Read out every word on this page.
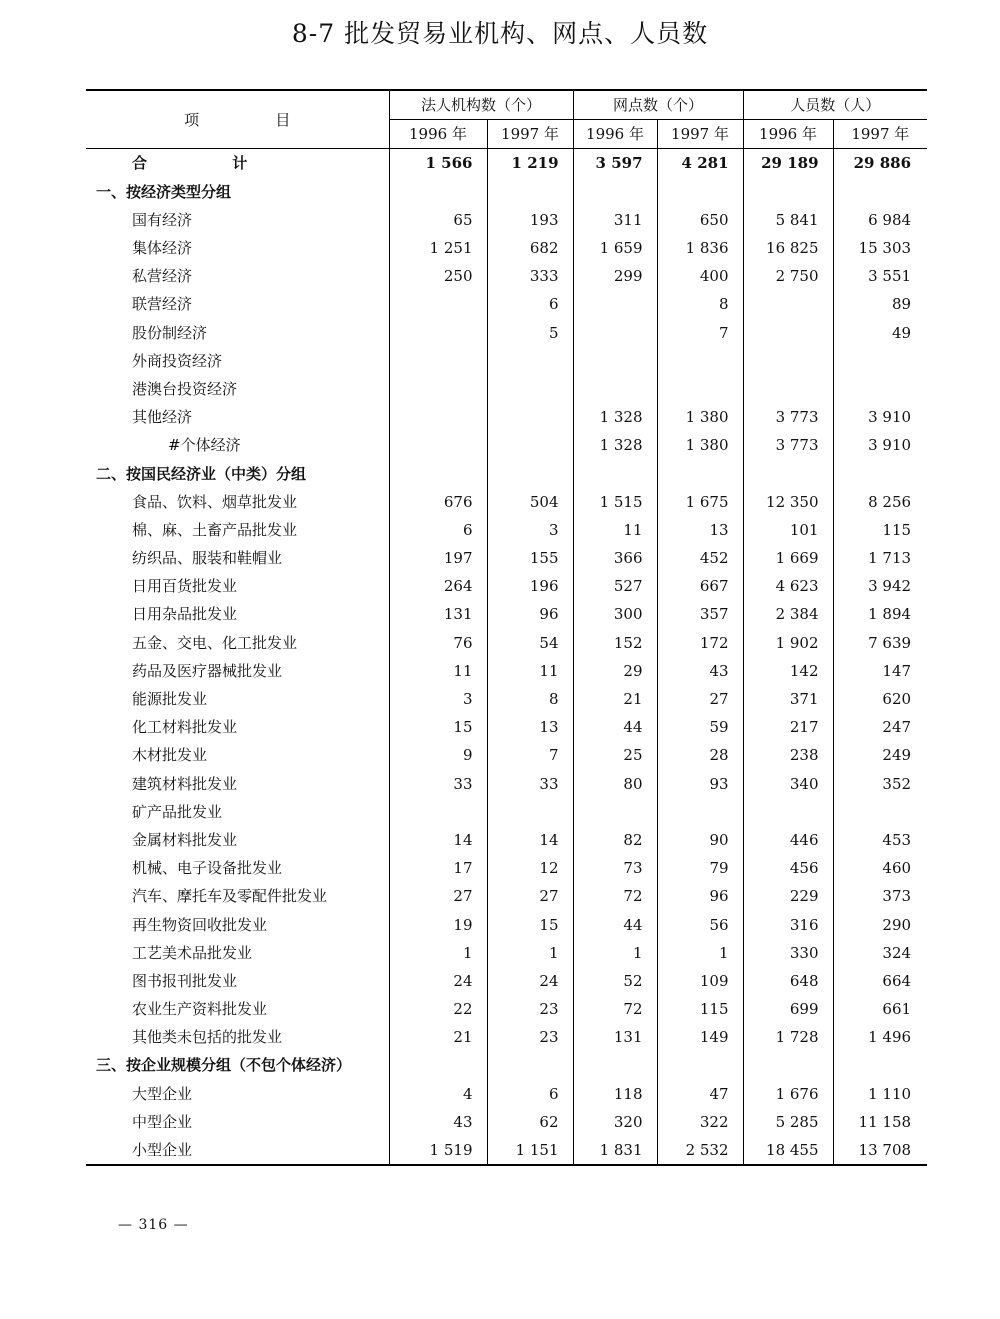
8-7 批发贸易业机构、网点、人员数
项                目	法人机构数（个）		网点数（个）		人员数（人）	
	1996 年	1997 年	1996 年	1997 年	1996 年	1997 年
合          计	1 566	1 219	3 597	4 281	29 189	29 886
一、按经济类型分组						
国有经济	65	193	311	650	5 841	6 984
集体经济	1 251	682	1 659	1 836	16 825	15 303
私营经济	250	333	299	400	2 750	3 551
联营经济		6		8		89
股份制经济		5		7		49
外商投资经济						
港澳台投资经济						
其他经济			1 328	1 380	3 773	3 910
#个体经济			1 328	1 380	3 773	3 910
二、按国民经济业（中类）分组						
食品、饮料、烟草批发业	676	504	1 515	1 675	12 350	8 256
棉、麻、土畜产品批发业	6	3	11	13	101	115
纺织品、服装和鞋帽业	197	155	366	452	1 669	1 713
日用百货批发业	264	196	527	667	4 623	3 942
日用杂品批发业	131	96	300	357	2 384	1 894
五金、交电、化工批发业	76	54	152	172	1 902	7 639
药品及医疗器械批发业	11	11	29	43	142	147
能源批发业	3	8	21	27	371	620
化工材料批发业	15	13	44	59	217	247
木材批发业	9	7	25	28	238	249
建筑材料批发业	33	33	80	93	340	352
矿产品批发业						
金属材料批发业	14	14	82	90	446	453
机械、电子设备批发业	17	12	73	79	456	460
汽车、摩托车及零配件批发业	27	27	72	96	229	373
再生物资回收批发业	19	15	44	56	316	290
工艺美术品批发业	1	1	1	1	330	324
图书报刊批发业	24	24	52	109	648	664
农业生产资料批发业	22	23	72	115	699	661
其他类未包括的批发业	21	23	131	149	1 728	1 496
三、按企业规模分组（不包个体经济）						
大型企业	4	6	118	47	1 676	1 110
中型企业	43	62	320	322	5 285	11 158
小型企业	1 519	1 151	1 831	2 532	18 455	13 708
— 316 —
